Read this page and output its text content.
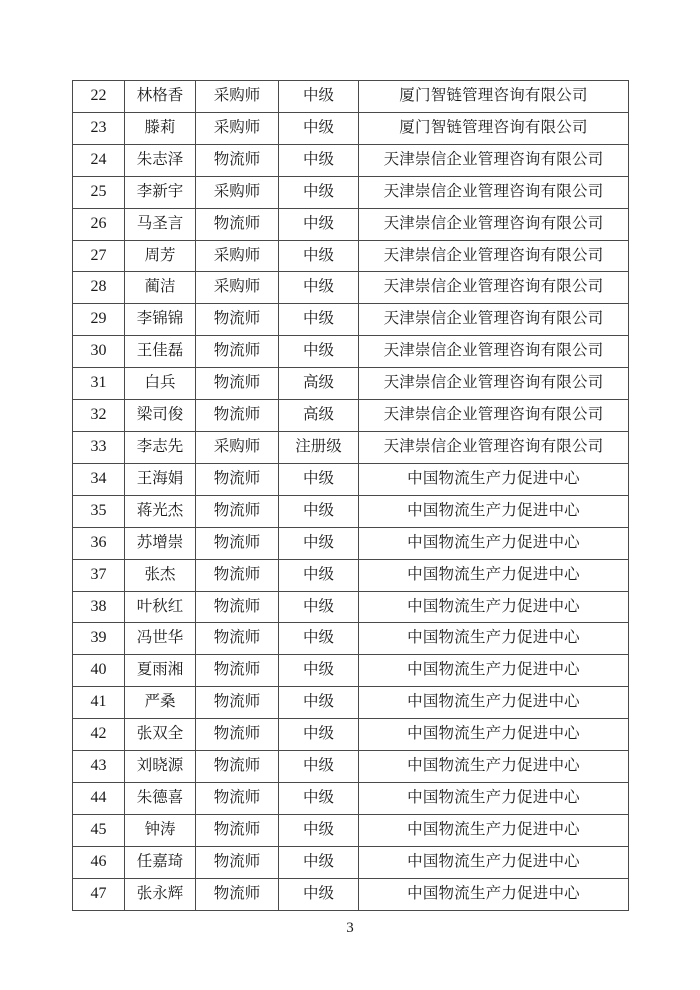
22	林格香	采购师	中级	厦门智链管理咨询有限公司
23	滕莉	采购师	中级	厦门智链管理咨询有限公司
24	朱志泽	物流师	中级	天津崇信企业管理咨询有限公司
25	李新宇	采购师	中级	天津崇信企业管理咨询有限公司
26	马圣言	物流师	中级	天津崇信企业管理咨询有限公司
27	周芳	采购师	中级	天津崇信企业管理咨询有限公司
28	蔺洁	采购师	中级	天津崇信企业管理咨询有限公司
29	李锦锦	物流师	中级	天津崇信企业管理咨询有限公司
30	王佳磊	物流师	中级	天津崇信企业管理咨询有限公司
31	白兵	物流师	高级	天津崇信企业管理咨询有限公司
32	梁司俊	物流师	高级	天津崇信企业管理咨询有限公司
33	李志先	采购师	注册级	天津崇信企业管理咨询有限公司
34	王海娟	物流师	中级	中国物流生产力促进中心
35	蒋光杰	物流师	中级	中国物流生产力促进中心
36	苏增崇	物流师	中级	中国物流生产力促进中心
37	张杰	物流师	中级	中国物流生产力促进中心
38	叶秋红	物流师	中级	中国物流生产力促进中心
39	冯世华	物流师	中级	中国物流生产力促进中心
40	夏雨湘	物流师	中级	中国物流生产力促进中心
41	严桑	物流师	中级	中国物流生产力促进中心
42	张双全	物流师	中级	中国物流生产力促进中心
43	刘晓源	物流师	中级	中国物流生产力促进中心
44	朱德喜	物流师	中级	中国物流生产力促进中心
45	钟涛	物流师	中级	中国物流生产力促进中心
46	任嘉琦	物流师	中级	中国物流生产力促进中心
47	张永辉	物流师	中级	中国物流生产力促进中心
3
